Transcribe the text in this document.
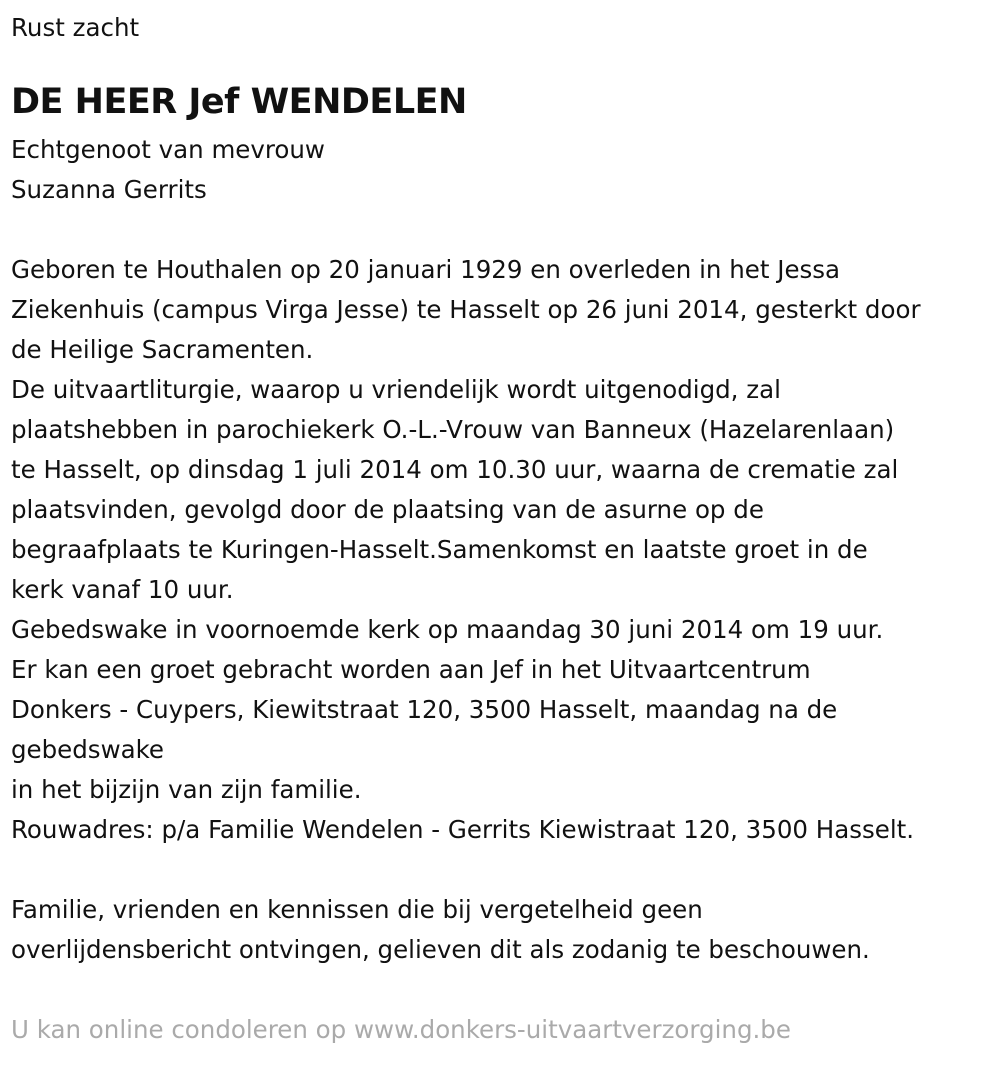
Rust zacht

DE HEER Jef WENDELEN

Echtgenoot van mevrouw

Suzanna Gerrits

Geboren te Houthalen op 20 januari 1929 en overleden in het Jessa

Ziekenhuis (campus Virga Jesse) te Hasselt op 26 juni 2014, gesterkt door

de Heilige Sacramenten.

De uitvaartliturgie, waarop u vriendelijk wordt uitgenodigd, zal

plaatshebben in parochiekerk O.-L.-Vrouw van Banneux (Hazelarenlaan)

te Hasselt, op dinsdag 1 juli 2014 om 10.30 uur, waarna de crematie zal

plaatsvinden, gevolgd door de plaatsing van de asurne op de

begraafplaats te Kuringen-Hasselt.Samenkomst en laatste groet in de

kerk vanaf 10 uur.

Gebedswake in voornoemde kerk op maandag 30 juni 2014 om 19 uur.

Er kan een groet gebracht worden aan Jef in het Uitvaartcentrum

Donkers - Cuypers, Kiewitstraat 120, 3500 Hasselt, maandag na de

gebedswake

in het bijzijn van zijn familie.

Rouwadres: p/a Familie Wendelen - Gerrits Kiewistraat 120, 3500 Hasselt.

Familie, vrienden en kennissen die bij vergetelheid geen

overlijdensbericht ontvingen, gelieven dit als zodanig te beschouwen.

U kan online condoleren op www.donkers-uitvaartverzorging.be
